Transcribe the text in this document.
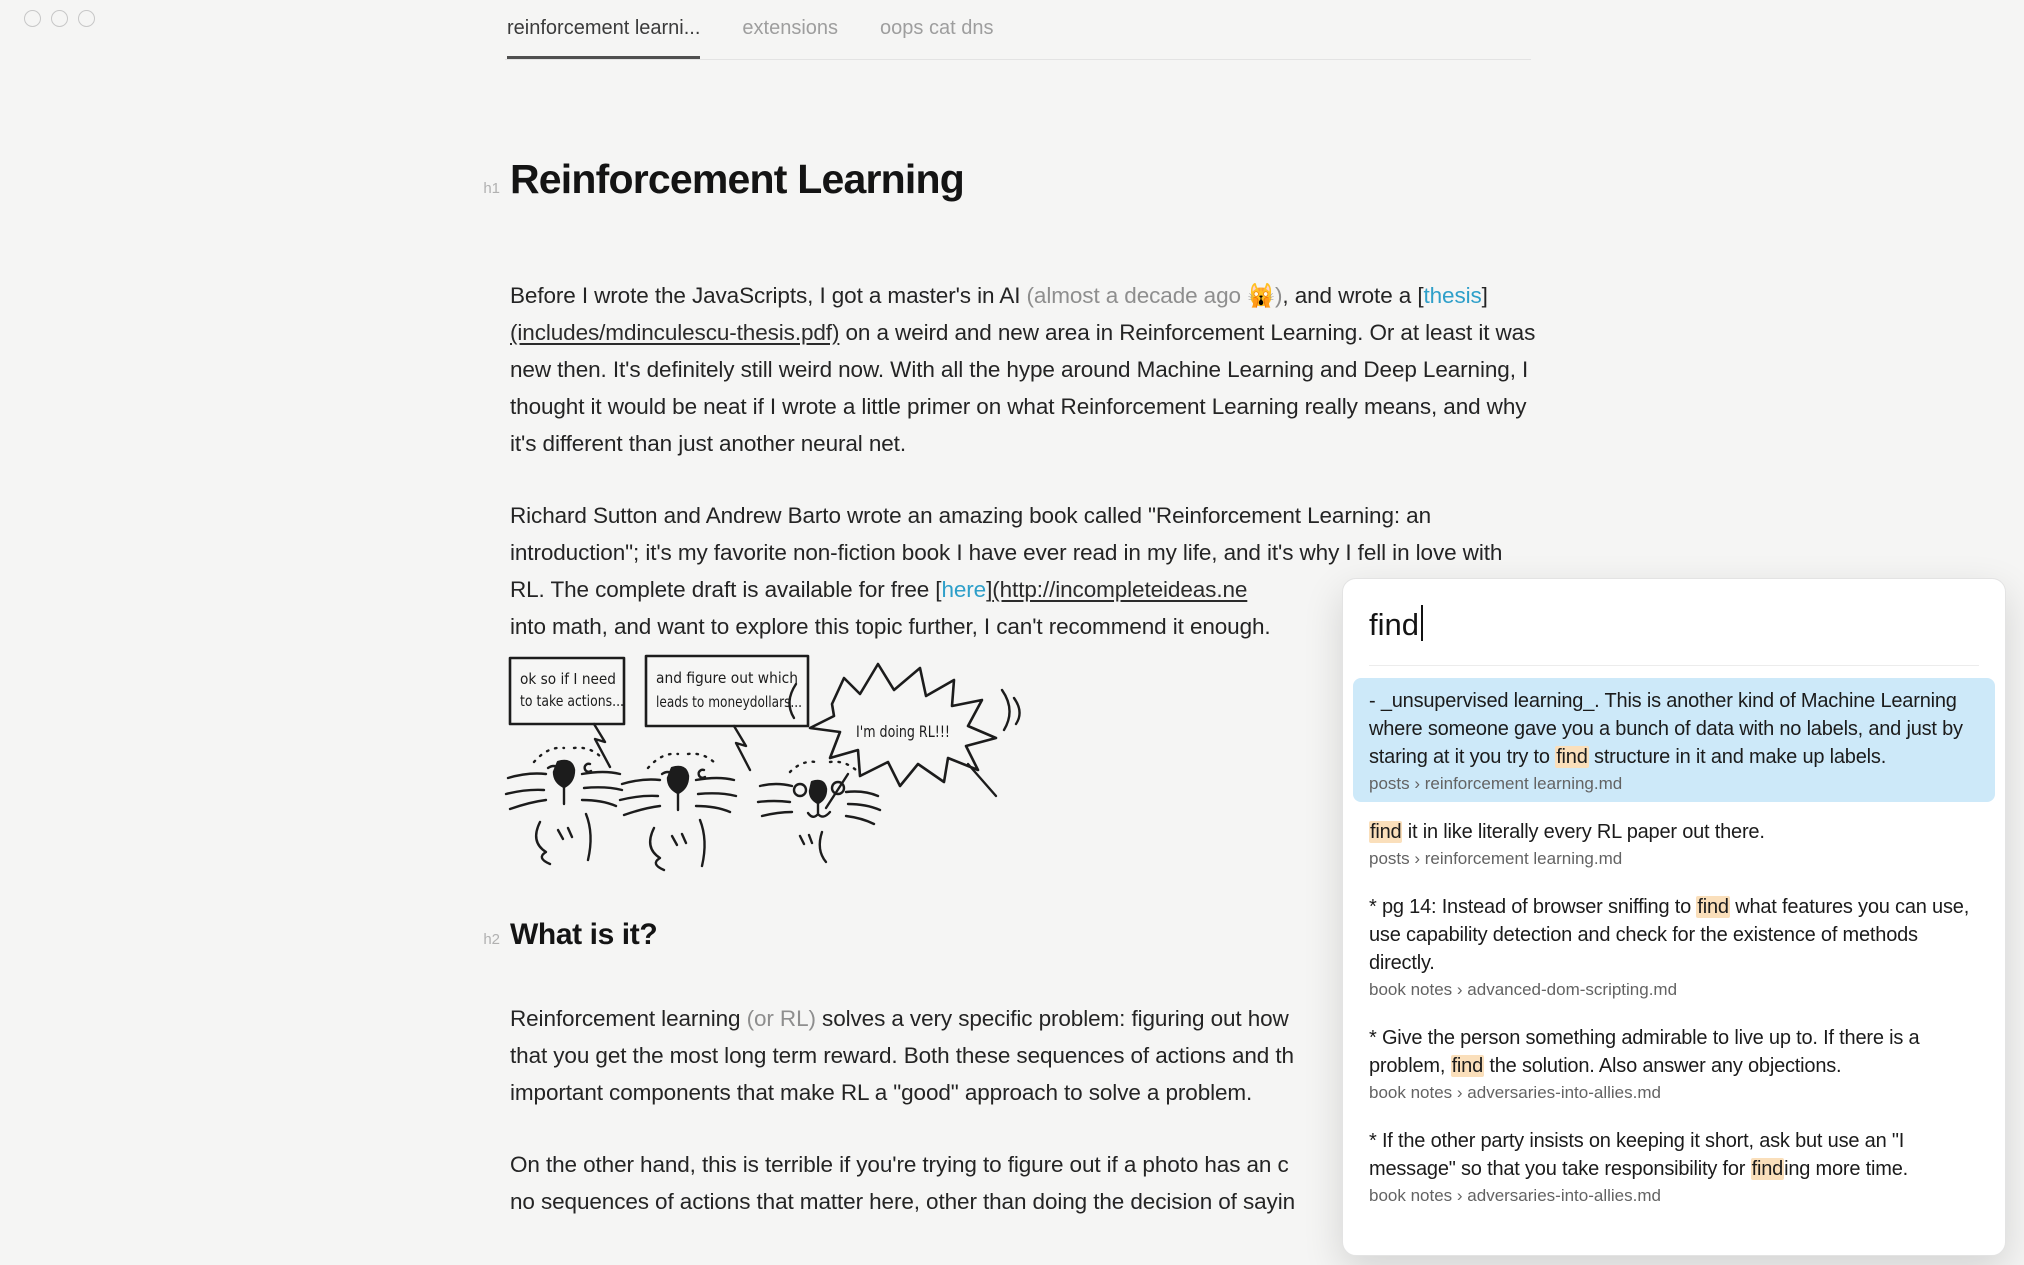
reinforcement learni... extensions oops cat dns
h1 Reinforcement Learning

Before I wrote the JavaScripts, I got a master's in AI (almost a decade ago 🙀), and wrote a [thesis] (includes/mdinculescu-thesis.pdf) on a weird and new area in Reinforcement Learning. Or at least it was new then. It's definitely still weird now. With all the hype around Machine Learning and Deep Learning, I thought it would be neat if I wrote a little primer on what Reinforcement Learning really means, and why it's different than just another neural net.

Richard Sutton and Andrew Barto wrote an amazing book called "Reinforcement Learning: an introduction"; it's my favorite non-fiction book I have ever read in my life, and it's why I fell in love with RL. The complete draft is available for free [here](http://incompleteideas.ne
into math, and want to explore this topic further, I can't recommend it enough.

ok so if I need
to take actions...
and figure out which
leads to moneydollars...
I'm doing RL!!!
h2 What is it?
Reinforcement learning (or RL) solves a very specific problem: figuring out how
that you get the most long term reward. Both these sequences of actions and th
important components that make RL a "good" approach to solve a problem.
On the other hand, this is terrible if you're trying to figure out if a photo has an c
no sequences of actions that matter here, other than doing the decision of sayin
find
- _unsupervised learning_. This is another kind of Machine Learning where someone gave you a bunch of data with no labels, and just by staring at it you try to find structure in it and make up labels.
posts › reinforcement learning.md
find it in like literally every RL paper out there.
posts › reinforcement learning.md
* pg 14: Instead of browser sniffing to find what features you can use, use capability detection and check for the existence of methods directly.
book notes › advanced-dom-scripting.md
* Give the person something admirable to live up to. If there is a problem, find the solution. Also answer any objections.
book notes › adversaries-into-allies.md
* If the other party insists on keeping it short, ask but use an "I message" so that you take responsibility for finding more time.
book notes › adversaries-into-allies.md
